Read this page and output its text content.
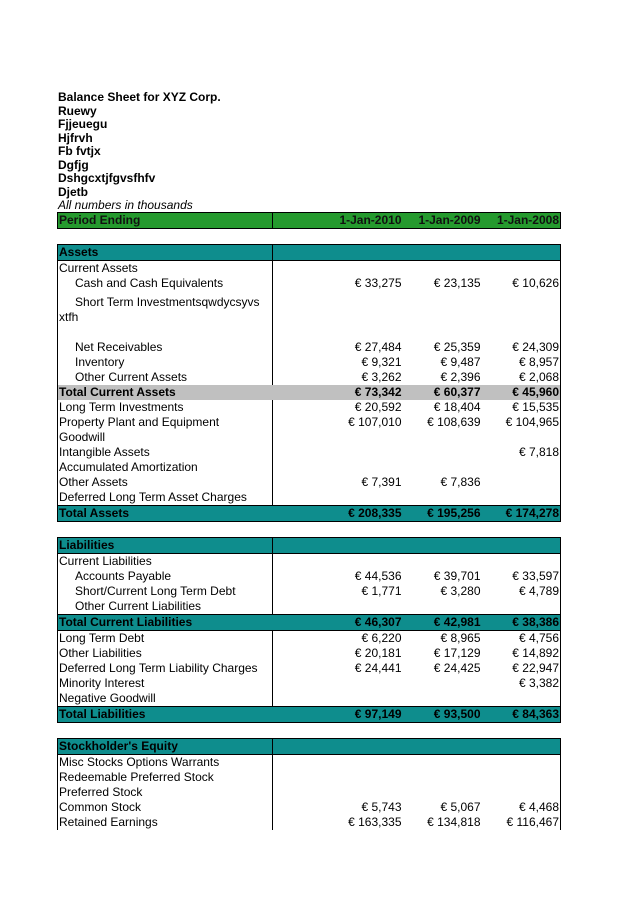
Balance Sheet for XYZ Corp.
Ruewy
Fjjeuegu
Hjfrvh
Fb fvtjx
Dgfjg
Dshgcxtjfgvsfhfv
Djetb
All numbers in thousands
Period Ending	1-Jan-2010	1-Jan-2009	1-Jan-2008

Assets			
Current Assets			
Cash and Cash Equivalents	€ 33,275	€ 23,135	€ 10,626
Short Term Investmentsqwdycsyvs			
xtfh			

Net Receivables	€ 27,484	€ 25,359	€ 24,309
Inventory	€ 9,321	€ 9,487	€ 8,957
Other Current Assets	€ 3,262	€ 2,396	€ 2,068
Total Current Assets	€ 73,342	€ 60,377	€ 45,960
Long Term Investments	€ 20,592	€ 18,404	€ 15,535
Property Plant and Equipment	€ 107,010	€ 108,639	€ 104,965
Goodwill			
Intangible Assets			€ 7,818
Accumulated Amortization			
Other Assets	€ 7,391	€ 7,836	
Deferred Long Term Asset Charges			
Total Assets	€ 208,335	€ 195,256	€ 174,278

Liabilities			
Current Liabilities			
Accounts Payable	€ 44,536	€ 39,701	€ 33,597
Short/Current Long Term Debt	€ 1,771	€ 3,280	€ 4,789
Other Current Liabilities			
Total Current Liabilities	€ 46,307	€ 42,981	€ 38,386
Long Term Debt	€ 6,220	€ 8,965	€ 4,756
Other Liabilities	€ 20,181	€ 17,129	€ 14,892
Deferred Long Term Liability Charges	€ 24,441	€ 24,425	€ 22,947
Minority Interest			€ 3,382
Negative Goodwill			
Total Liabilities	€ 97,149	€ 93,500	€ 84,363

Stockholder's Equity			
Misc Stocks Options Warrants			
Redeemable Preferred Stock			
Preferred Stock			
Common Stock	€ 5,743	€ 5,067	€ 4,468
Retained Earnings	€ 163,335	€ 134,818	€ 116,467
